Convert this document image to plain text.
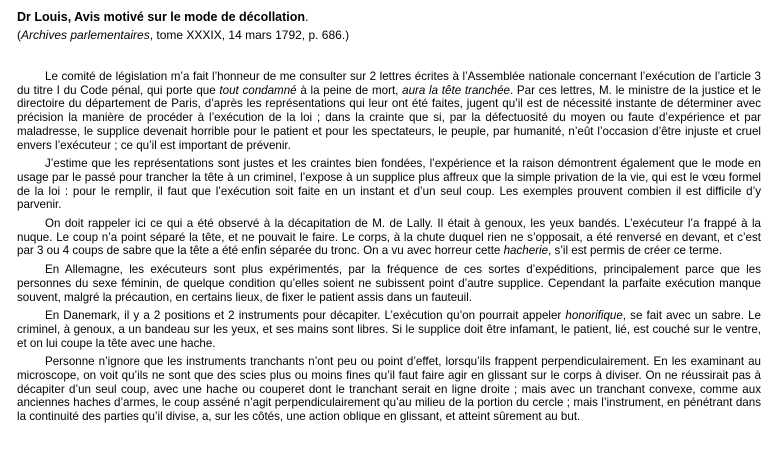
Dr Louis, Avis motivé sur le mode de décollation.

(Archives parlementaires, tome XXXIX, 14 mars 1792, p. 686.)

Le comité de législation m’a fait l’honneur de me consulter sur 2 lettres écrites à l’Assemblée nationale concernant l’exécution de l’article 3 du titre I du Code pénal, qui porte que tout condamné à la peine de mort, aura la tête tranchée. Par ces lettres, M. le ministre de la justice et le directoire du département de Paris, d’après les représentations qui leur ont été faites, jugent qu’il est de nécessité instante de déterminer avec précision la manière de procéder à l’exécution de la loi ; dans la crainte que si, par la défectuosité du moyen ou faute d’expérience et par maladresse, le supplice devenait horrible pour le patient et pour les spectateurs, le peuple, par humanité, n’eût l’occasion d’être injuste et cruel envers l’exécuteur ; ce qu’il est important de prévenir.

J’estime que les représentations sont justes et les craintes bien fondées, l’expérience et la raison démontrent également que le mode en usage par le passé pour trancher la tête à un criminel, l’expose à un supplice plus affreux que la simple privation de la vie, qui est le vœu formel de la loi : pour le remplir, il faut que l’exécution soit faite en un instant et d’un seul coup. Les exemples prouvent combien il est difficile d’y parvenir.

On doit rappeler ici ce qui a été observé à la décapitation de M. de Lally. Il était à genoux, les yeux bandés. L’exécuteur l’a frappé à la nuque. Le coup n’a point séparé la tête, et ne pouvait le faire. Le corps, à la chute duquel rien ne s’opposait, a été renversé en devant, et c’est par 3 ou 4 coups de sabre que la tête a été enfin séparée du tronc. On a vu avec horreur cette hacherie, s’il est permis de créer ce terme.

En Allemagne, les exécuteurs sont plus expérimentés, par la fréquence de ces sortes d’expéditions, principalement parce que les personnes du sexe féminin, de quelque condition qu’elles soient ne subissent point d’autre supplice. Cependant la parfaite exécution manque souvent, malgré la précaution, en certains lieux, de fixer le patient assis dans un fauteuil.

En Danemark, il y a 2 positions et 2 instruments pour décapiter. L’exécution qu’on pourrait appeler honorifique, se fait avec un sabre. Le criminel, à genoux, a un bandeau sur les yeux, et ses mains sont libres. Si le supplice doit être infamant, le patient, lié, est couché sur le ventre, et on lui coupe la tête avec une hache.

Personne n’ignore que les instruments tranchants n’ont peu ou point d’effet, lorsqu’ils frappent perpendiculairement. En les examinant au microscope, on voit qu’ils ne sont que des scies plus ou moins fines qu’il faut faire agir en glissant sur le corps à diviser. On ne réussirait pas à décapiter d’un seul coup, avec une hache ou couperet dont le tranchant serait en ligne droite ; mais avec un tranchant convexe, comme aux anciennes haches d’armes, le coup asséné n’agit perpendiculairement qu’au milieu de la portion du cercle ; mais l’instrument, en pénétrant dans la continuité des parties qu’il divise, a, sur les côtés, une action oblique en glissant, et atteint sûrement au but.
